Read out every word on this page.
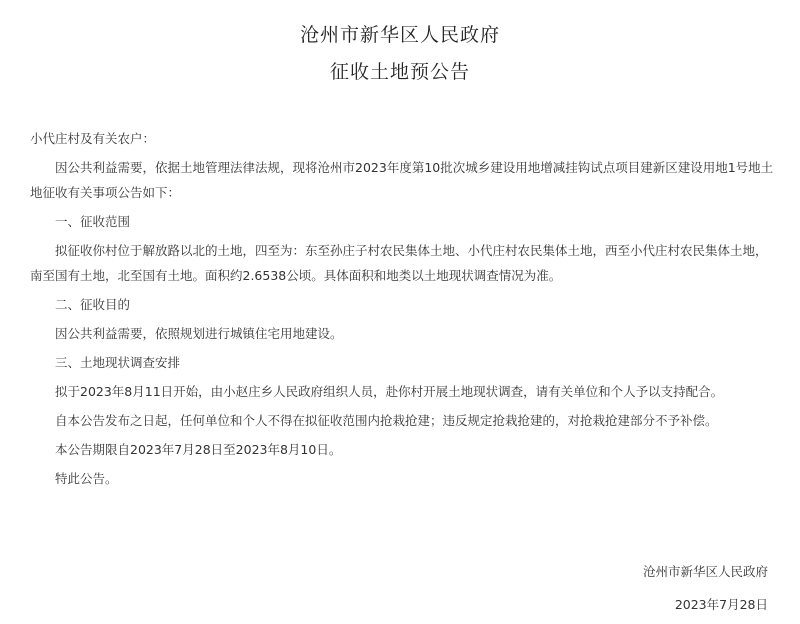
沧州市新华区人民政府
征收土地预公告

小代庄村及有关农户：

因公共利益需要，依据土地管理法律法规，现将沧州市2023年度第10批次城乡建设用地增减挂钩试点项目建新区建设用地1号地土地征收有关事项公告如下：

一、征收范围

拟征收你村位于解放路以北的土地，四至为：东至孙庄子村农民集体土地、小代庄村农民集体土地，西至小代庄村农民集体土地，南至国有土地，北至国有土地。面积约2.6538公顷。具体面积和地类以土地现状调查情况为准。

二、征收目的

因公共利益需要，依照规划进行城镇住宅用地建设。

三、土地现状调查安排

拟于2023年8月11日开始，由小赵庄乡人民政府组织人员，赴你村开展土地现状调查，请有关单位和个人予以支持配合。

自本公告发布之日起，任何单位和个人不得在拟征收范围内抢栽抢建；违反规定抢栽抢建的，对抢栽抢建部分不予补偿。

本公告期限自2023年7月28日至2023年8月10日。

特此公告。

沧州市新华区人民政府
2023年7月28日
